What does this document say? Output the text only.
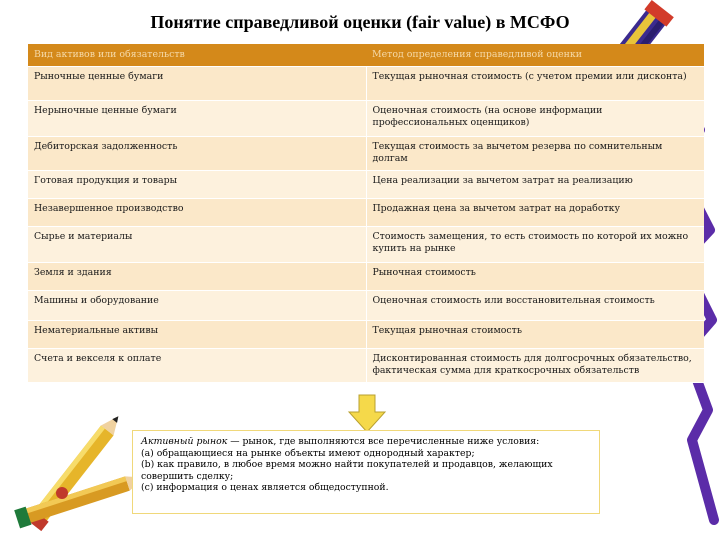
Понятие справедливой оценки (fair value) в МСФО
Вид активов или обязательств	Метод определения справедливой оценки
Рыночные ценные бумаги	Текущая рыночная стоимость (с учетом премии или дисконта)
Нерыночные ценные бумаги	Оценочная стоимость (на основе информации профессиональных оценщиков)
Дебиторская задолженность	Текущая стоимость за вычетом резерва по сомнительным долгам
Готовая продукция и товары	Цена реализации за вычетом затрат на реализацию
Незавершенное производство	Продажная цена за вычетом затрат на доработку
Сырье и материалы	Стоимость замещения, то есть стоимость по которой их можно купить на рынке
Земля и здания	Рыночная стоимость
Машины и оборудование	Оценочная стоимость или восстановительная стоимость
Нематериальные активы	Текущая рыночная стоимость
Счета и векселя к оплате	Дисконтированная стоимость для долгосрочных обязательство, фактическая сумма для краткосрочных обязательств
Активный рынок — рынок, где выполняются все перечисленные ниже условия:
(а) обращающиеся на рынке объекты имеют однородный характер;
(b) как правило, в любое время можно найти покупателей и продавцов, желающих совершить сделку;
(с) информация о ценах является общедоступной.
